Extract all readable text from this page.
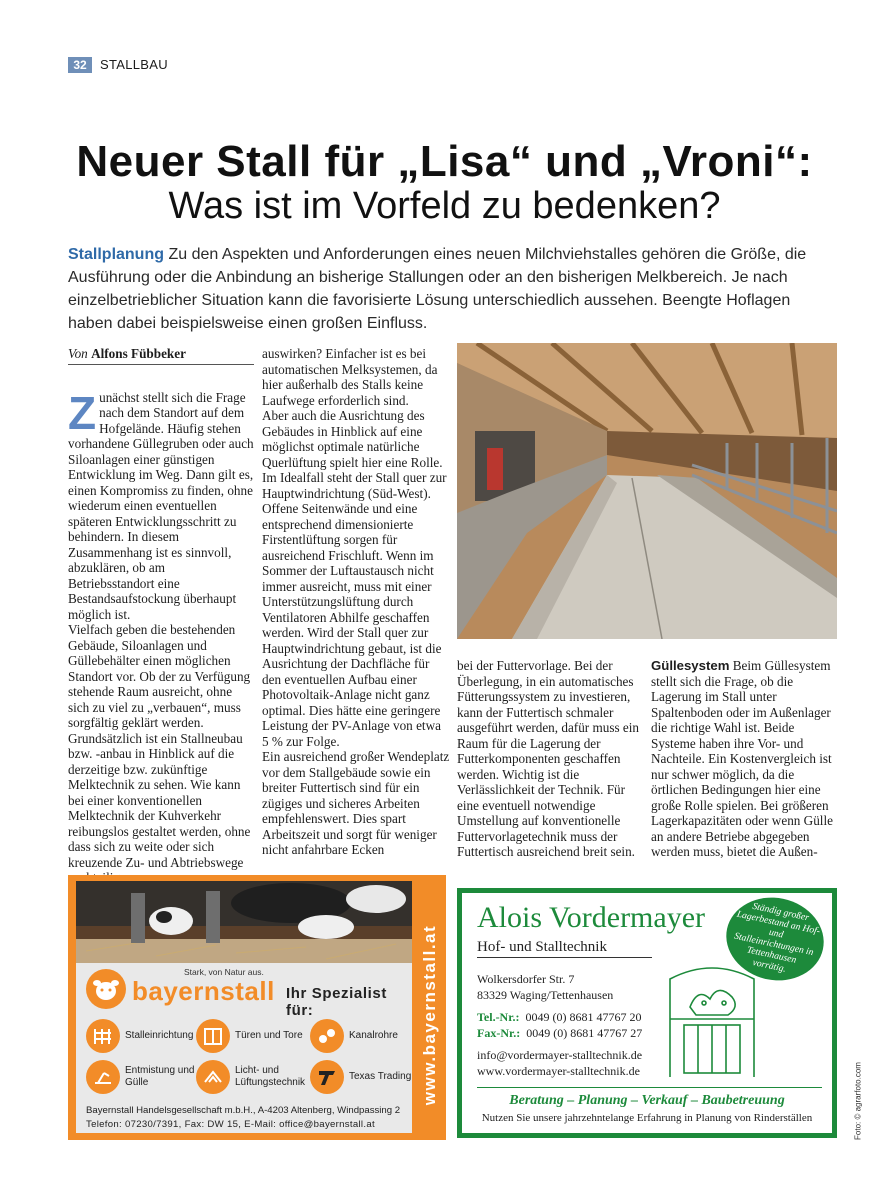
32	STALLBAU
Neuer Stall für „Lisa“ und „Vroni“:
Was ist im Vorfeld zu bedenken?

Stallplanung Zu den Aspekten und Anforderungen eines neuen Milchviehstalles gehören die Größe, die Ausführung oder die Anbindung an bisherige Stallungen oder an den bisherigen Melkbereich. Je nach einzelbetrieblicher Situation kann die favorisierte Lösung unterschiedlich aussehen. Beengte Hoflagen haben dabei beispielsweise einen großen Einfluss.

Von Alfons Fübbeker

Zunächst stellt sich die Frage nach dem Standort auf dem Hofgelände. Häufig stehen vorhandene Güllegruben oder auch Siloanlagen einer günstigen Entwicklung im Weg. Dann gilt es, einen Kompromiss zu finden, ohne wiederum einen eventuellen späteren Entwicklungsschritt zu behindern. In diesem Zusammenhang ist es sinnvoll, abzuklären, ob am Betriebsstandort eine Bestandsaufstockung überhaupt möglich ist.

Vielfach geben die bestehenden Gebäude, Siloanlagen und Güllebehälter einen möglichen Standort vor. Ob der zu Verfügung stehende Raum ausreicht, ohne sich zu viel zu „verbauen“, muss sorgfältig geklärt werden. Grundsätzlich ist ein Stallneubau bzw. -anbau in Hinblick auf die derzeitige bzw. zukünftige Melktechnik zu sehen. Wie kann bei einer konventionellen Melktechnik der Kuhverkehr reibungslos gestaltet werden, ohne dass sich zu weite oder sich kreuzende Zu- und Abtriebswege

auswirken? Einfacher ist es bei automatischen Melksystemen, da hier außerhalb des Stalls keine Laufwege erforderlich sind.

Aber auch die Ausrichtung des Gebäudes in Hinblick auf eine möglichst optimale natürliche Querlüftung spielt hier eine Rolle. Im Idealfall steht der Stall quer zur Hauptwindrichtung (Süd-West). Offene Seitenwände und eine entsprechend dimensionierte Firstentlüftung sorgen für ausreichend Frischluft. Wenn im Sommer der Luftaustausch nicht immer ausreicht, muss mit einer Unterstützungslüftung durch Ventilatoren Abhilfe geschaffen werden. Wird der Stall quer zur Hauptwindrichtung gebaut, ist die Ausrichtung der Dachfläche für den eventuellen Aufbau einer Photovoltaik-Anlage nicht ganz optimal. Dies hätte eine geringere Leistung der PV-Anlage von etwa 5 % zur Folge.

Ein ausreichend großer Wendeplatz vor dem Stallgebäude sowie ein breiter Futtertisch sind für ein zügiges und sicheres Arbeiten empfehlenswert. Dies spart Arbeitszeit und sorgt für weniger nicht anfahrbare Ecken

bei der Futtervorlage. Bei der Überlegung, in ein automatisches Fütterungssystem zu investieren, kann der Futtertisch schmaler ausgeführt werden, dafür muss ein Raum für die Lagerung der Futterkomponenten geschaffen werden. Wichtig ist die Verlässlichkeit der Technik. Für eine eventuell notwendige Umstellung auf konventionelle Futtervorlagetechnik muss der Futtertisch ausreichend breit sein.

Güllesystem Beim Güllesystem stellt sich die Frage, ob die Lagerung im Stall unter Spaltenboden oder im Außenlager die richtige Wahl ist. Beide Systeme haben ihre Vor- und Nachteile. Ein Kostenvergleich ist nur schwer möglich, da die örtlichen Bedingungen hier eine große Rolle spielen. Bei größeren Lagerkapazitäten oder wenn Gülle an andere Betriebe abgegeben werden muss, bietet die Außen-

Stark, von Natur aus.
bayernstall Ihr Spezialist für:
Stalleinrichtung	Türen und Tore	Kanalrohre
Entmistung und Gülle
Licht- und Lüftungstechnik
Texas Trading
Bayernstall Handelsgesellschaft m.b.H., A-4203 Altenberg, Windpassing 2
Telefon: 07230/7391, Fax: DW 15, E-Mail: office@bayernstall.at
www.bayernstall.at
Alois Vordermayer
Hof- und Stalltechnik
Ständig großer Lagerbestand an Hof- und Stalleinrichtungen in Tettenhausen vorrätig.
Wolkersdorfer Str. 7
83329 Waging/Tettenhausen
Tel.-Nr.: 0049 (0) 8681 47767 20
Fax-Nr.: 0049 (0) 8681 47767 27
info@vordermayer-stalltechnik.de
www.vordermayer-stalltechnik.de
Beratung – Planung – Verkauf – Baubetreuung
Nutzen Sie unsere jahrzehntelange Erfahrung in Planung von Rinderställen	Foto: © agrarfoto.com
